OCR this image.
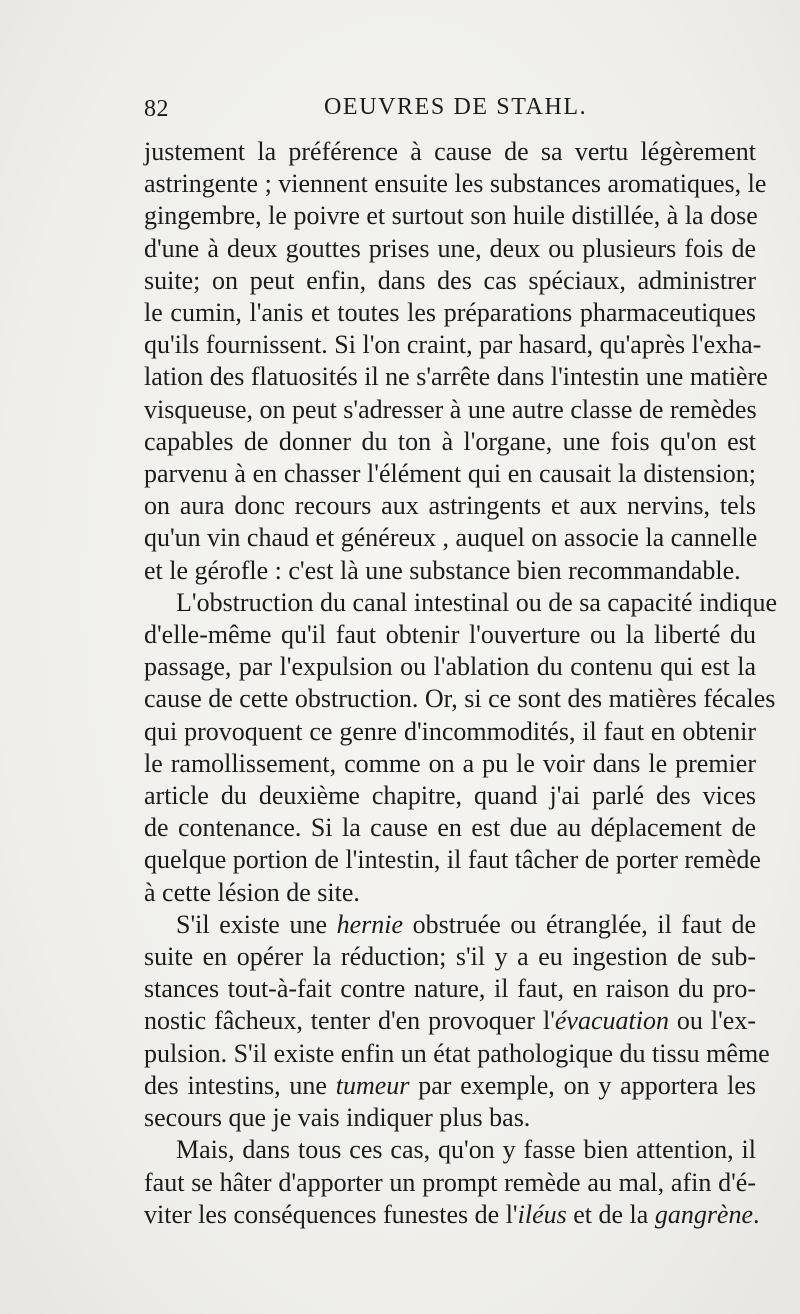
82	OEUVRES DE STAHL.
justement la préférence à cause de sa vertu légèrement
astringente ; viennent ensuite les substances aromatiques, le
gingembre, le poivre et surtout son huile distillée, à la dose
d'une à deux gouttes prises une, deux ou plusieurs fois de
suite; on peut enfin, dans des cas spéciaux, administrer
le cumin, l'anis et toutes les préparations pharmaceutiques
qu'ils fournissent. Si l'on craint, par hasard, qu'après l'exha-
lation des flatuosités il ne s'arrête dans l'intestin une matière
visqueuse, on peut s'adresser à une autre classe de remèdes
capables de donner du ton à l'organe, une fois qu'on est
parvenu à en chasser l'élément qui en causait la distension;
on aura donc recours aux astringents et aux nervins, tels
qu'un vin chaud et généreux , auquel on associe la cannelle
et le gérofle : c'est là une substance bien recommandable.
L'obstruction du canal intestinal ou de sa capacité indique
d'elle-même qu'il faut obtenir l'ouverture ou la liberté du
passage, par l'expulsion ou l'ablation du contenu qui est la
cause de cette obstruction. Or, si ce sont des matières fécales
qui provoquent ce genre d'incommodités, il faut en obtenir
le ramollissement, comme on a pu le voir dans le premier
article du deuxième chapitre, quand j'ai parlé des vices
de contenance. Si la cause en est due au déplacement de
quelque portion de l'intestin, il faut tâcher de porter remède
à cette lésion de site.
S'il existe une hernie obstruée ou étranglée, il faut de
suite en opérer la réduction; s'il y a eu ingestion de sub-
stances tout-à-fait contre nature, il faut, en raison du pro-
nostic fâcheux, tenter d'en provoquer l'évacuation ou l'ex-
pulsion. S'il existe enfin un état pathologique du tissu même
des intestins, une tumeur par exemple, on y apportera les
secours que je vais indiquer plus bas.
Mais, dans tous ces cas, qu'on y fasse bien attention, il
faut se hâter d'apporter un prompt remède au mal, afin d'é-
viter les conséquences funestes de l'iléus et de la gangrène.
